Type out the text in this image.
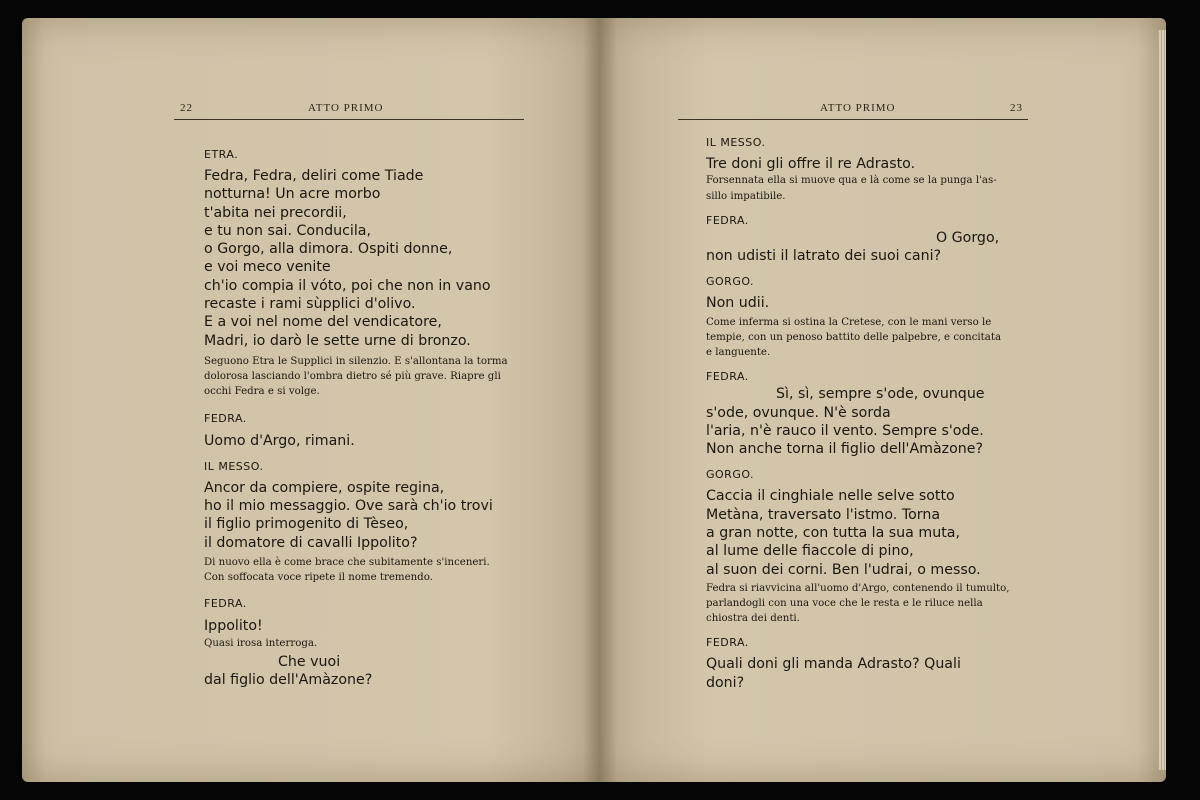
22	ATTO PRIMO

ETRA.

Fedra, Fedra, deliri come Tiade

notturna! Un acre morbo

t'abita nei precordii,

e tu non sai. Conducila,

o Gorgo, alla dimora. Ospiti donne,

e voi meco venite

ch'io compia il vóto, poi che non in vano

recaste i rami sùpplici d'olivo.

E a voi nel nome del vendicatore,

Madri, io darò le sette urne di bronzo.

Seguono Etra le Supplici in silenzio. E s'allontana la torma

dolorosa lasciando l'ombra dietro sé più grave. Riapre gli

occhi Fedra e si volge.

FEDRA.

Uomo d'Argo, rimani.

IL MESSO.

Ancor da compiere, ospite regina,

ho il mio messaggio. Ove sarà ch'io trovi

il figlio primogenito di Tèseo,

il domatore di cavalli Ippolito?

Di nuovo ella è come brace che subitamente s'inceneri.

Con soffocata voce ripete il nome tremendo.

FEDRA.

Ippolito!

Quasi irosa interroga.

Che vuoi

dal figlio dell'Amàzone?

ATTO PRIMO	23

IL MESSO.

Tre doni gli offre il re Adrasto.

Forsennata ella si muove qua e là come se la punga l'as-

sillo impatibile.

FEDRA.

O Gorgo,

non udisti il latrato dei suoi cani?

GORGO.

Non udii.

Come inferma si ostina la Cretese, con le mani verso le

tempie, con un penoso battito delle palpebre, e concitata

e languente.

FEDRA.

Sì, sì, sempre s'ode, ovunque

s'ode, ovunque. N'è sorda

l'aria, n'è rauco il vento. Sempre s'ode.

Non anche torna il figlio dell'Amàzone?

GORGO.

Caccia il cinghiale nelle selve sotto

Metàna, traversato l'istmo. Torna

a gran notte, con tutta la sua muta,

al lume delle fiaccole di pino,

al suon dei corni. Ben l'udrai, o messo.

Fedra si riavvicina all'uomo d'Argo, contenendo il tumulto,

parlandogli con una voce che le resta e le riluce nella

chiostra dei denti.

FEDRA.

Quali doni gli manda Adrasto? Quali

doni?
